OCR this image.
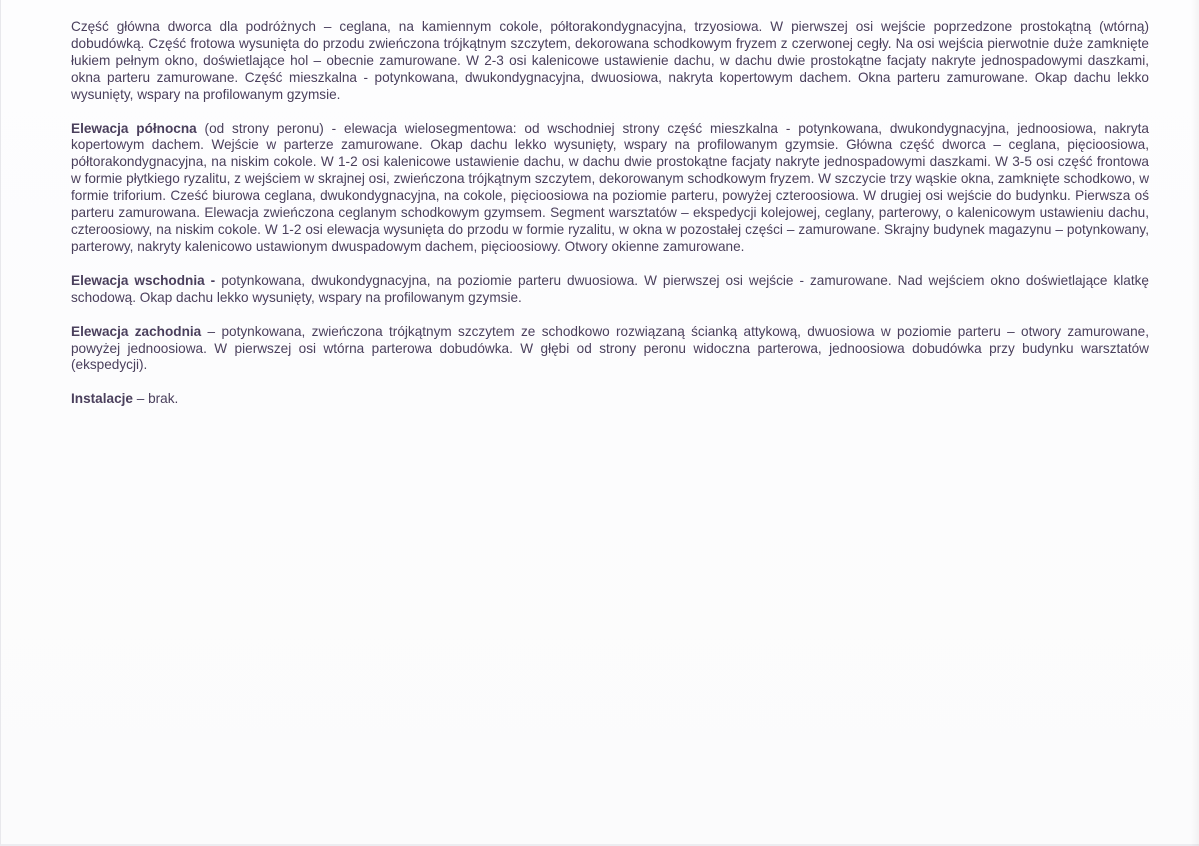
Część główna dworca dla podróżnych – ceglana, na kamiennym cokole, półtorakondygnacyjna, trzyosiowa. W pierwszej osi wejście poprzedzone prostokątną (wtórną) dobudówką. Część frotowa wysunięta do przodu zwieńczona trójkątnym szczytem, dekorowana schodkowym fryzem z czerwonej cegły. Na osi wejścia pierwotnie duże zamknięte łukiem pełnym okno, doświetlające hol – obecnie zamurowane. W 2-3 osi kalenicowe ustawienie dachu, w dachu dwie prostokątne facjaty nakryte jednospadowymi daszkami, okna parteru zamurowane. Część mieszkalna - potynkowana, dwukondygnacyjna, dwuosiowa, nakryta kopertowym dachem. Okna parteru zamurowane. Okap dachu lekko wysunięty, wspary na profilowanym gzymsie.

Elewacja północna (od strony peronu) - elewacja wielosegmentowa: od wschodniej strony część mieszkalna - potynkowana, dwukondygnacyjna, jednoosiowa, nakryta kopertowym dachem. Wejście w parterze zamurowane. Okap dachu lekko wysunięty, wspary na profilowanym gzymsie. Główna część dworca – ceglana, pięcioosiowa, półtorakondygnacyjna, na niskim cokole. W 1-2 osi kalenicowe ustawienie dachu, w dachu dwie prostokątne facjaty nakryte jednospadowymi daszkami. W 3-5 osi część frontowa w formie płytkiego ryzalitu, z wejściem w skrajnej osi, zwieńczona trójkątnym szczytem, dekorowanym schodkowym fryzem. W szczycie trzy wąskie okna, zamknięte schodkowo, w formie triforium. Cześć biurowa ceglana, dwukondygnacyjna, na cokole, pięcioosiowa na poziomie parteru, powyżej czteroosiowa. W drugiej osi wejście do budynku. Pierwsza oś parteru zamurowana. Elewacja zwieńczona ceglanym schodkowym gzymsem. Segment warsztatów – ekspedycji kolejowej, ceglany, parterowy, o kalenicowym ustawieniu dachu, czteroosiowy, na niskim cokole. W 1-2 osi elewacja wysunięta do przodu w formie ryzalitu, w okna w pozostałej części – zamurowane. Skrajny budynek magazynu – potynkowany, parterowy, nakryty kalenicowo ustawionym dwuspadowym dachem, pięcioosiowy. Otwory okienne zamurowane.

Elewacja wschodnia - potynkowana, dwukondygnacyjna, na poziomie parteru dwuosiowa. W pierwszej osi wejście - zamurowane. Nad wejściem okno doświetlające klatkę schodową. Okap dachu lekko wysunięty, wspary na profilowanym gzymsie.

Elewacja zachodnia – potynkowana, zwieńczona trójkątnym szczytem ze schodkowo rozwiązaną ścianką attykową, dwuosiowa w poziomie parteru – otwory zamurowane, powyżej jednoosiowa. W pierwszej osi wtórna parterowa dobudówka. W głębi od strony peronu widoczna parterowa, jednoosiowa dobudówka przy budynku warsztatów (ekspedycji).

Instalacje – brak.
